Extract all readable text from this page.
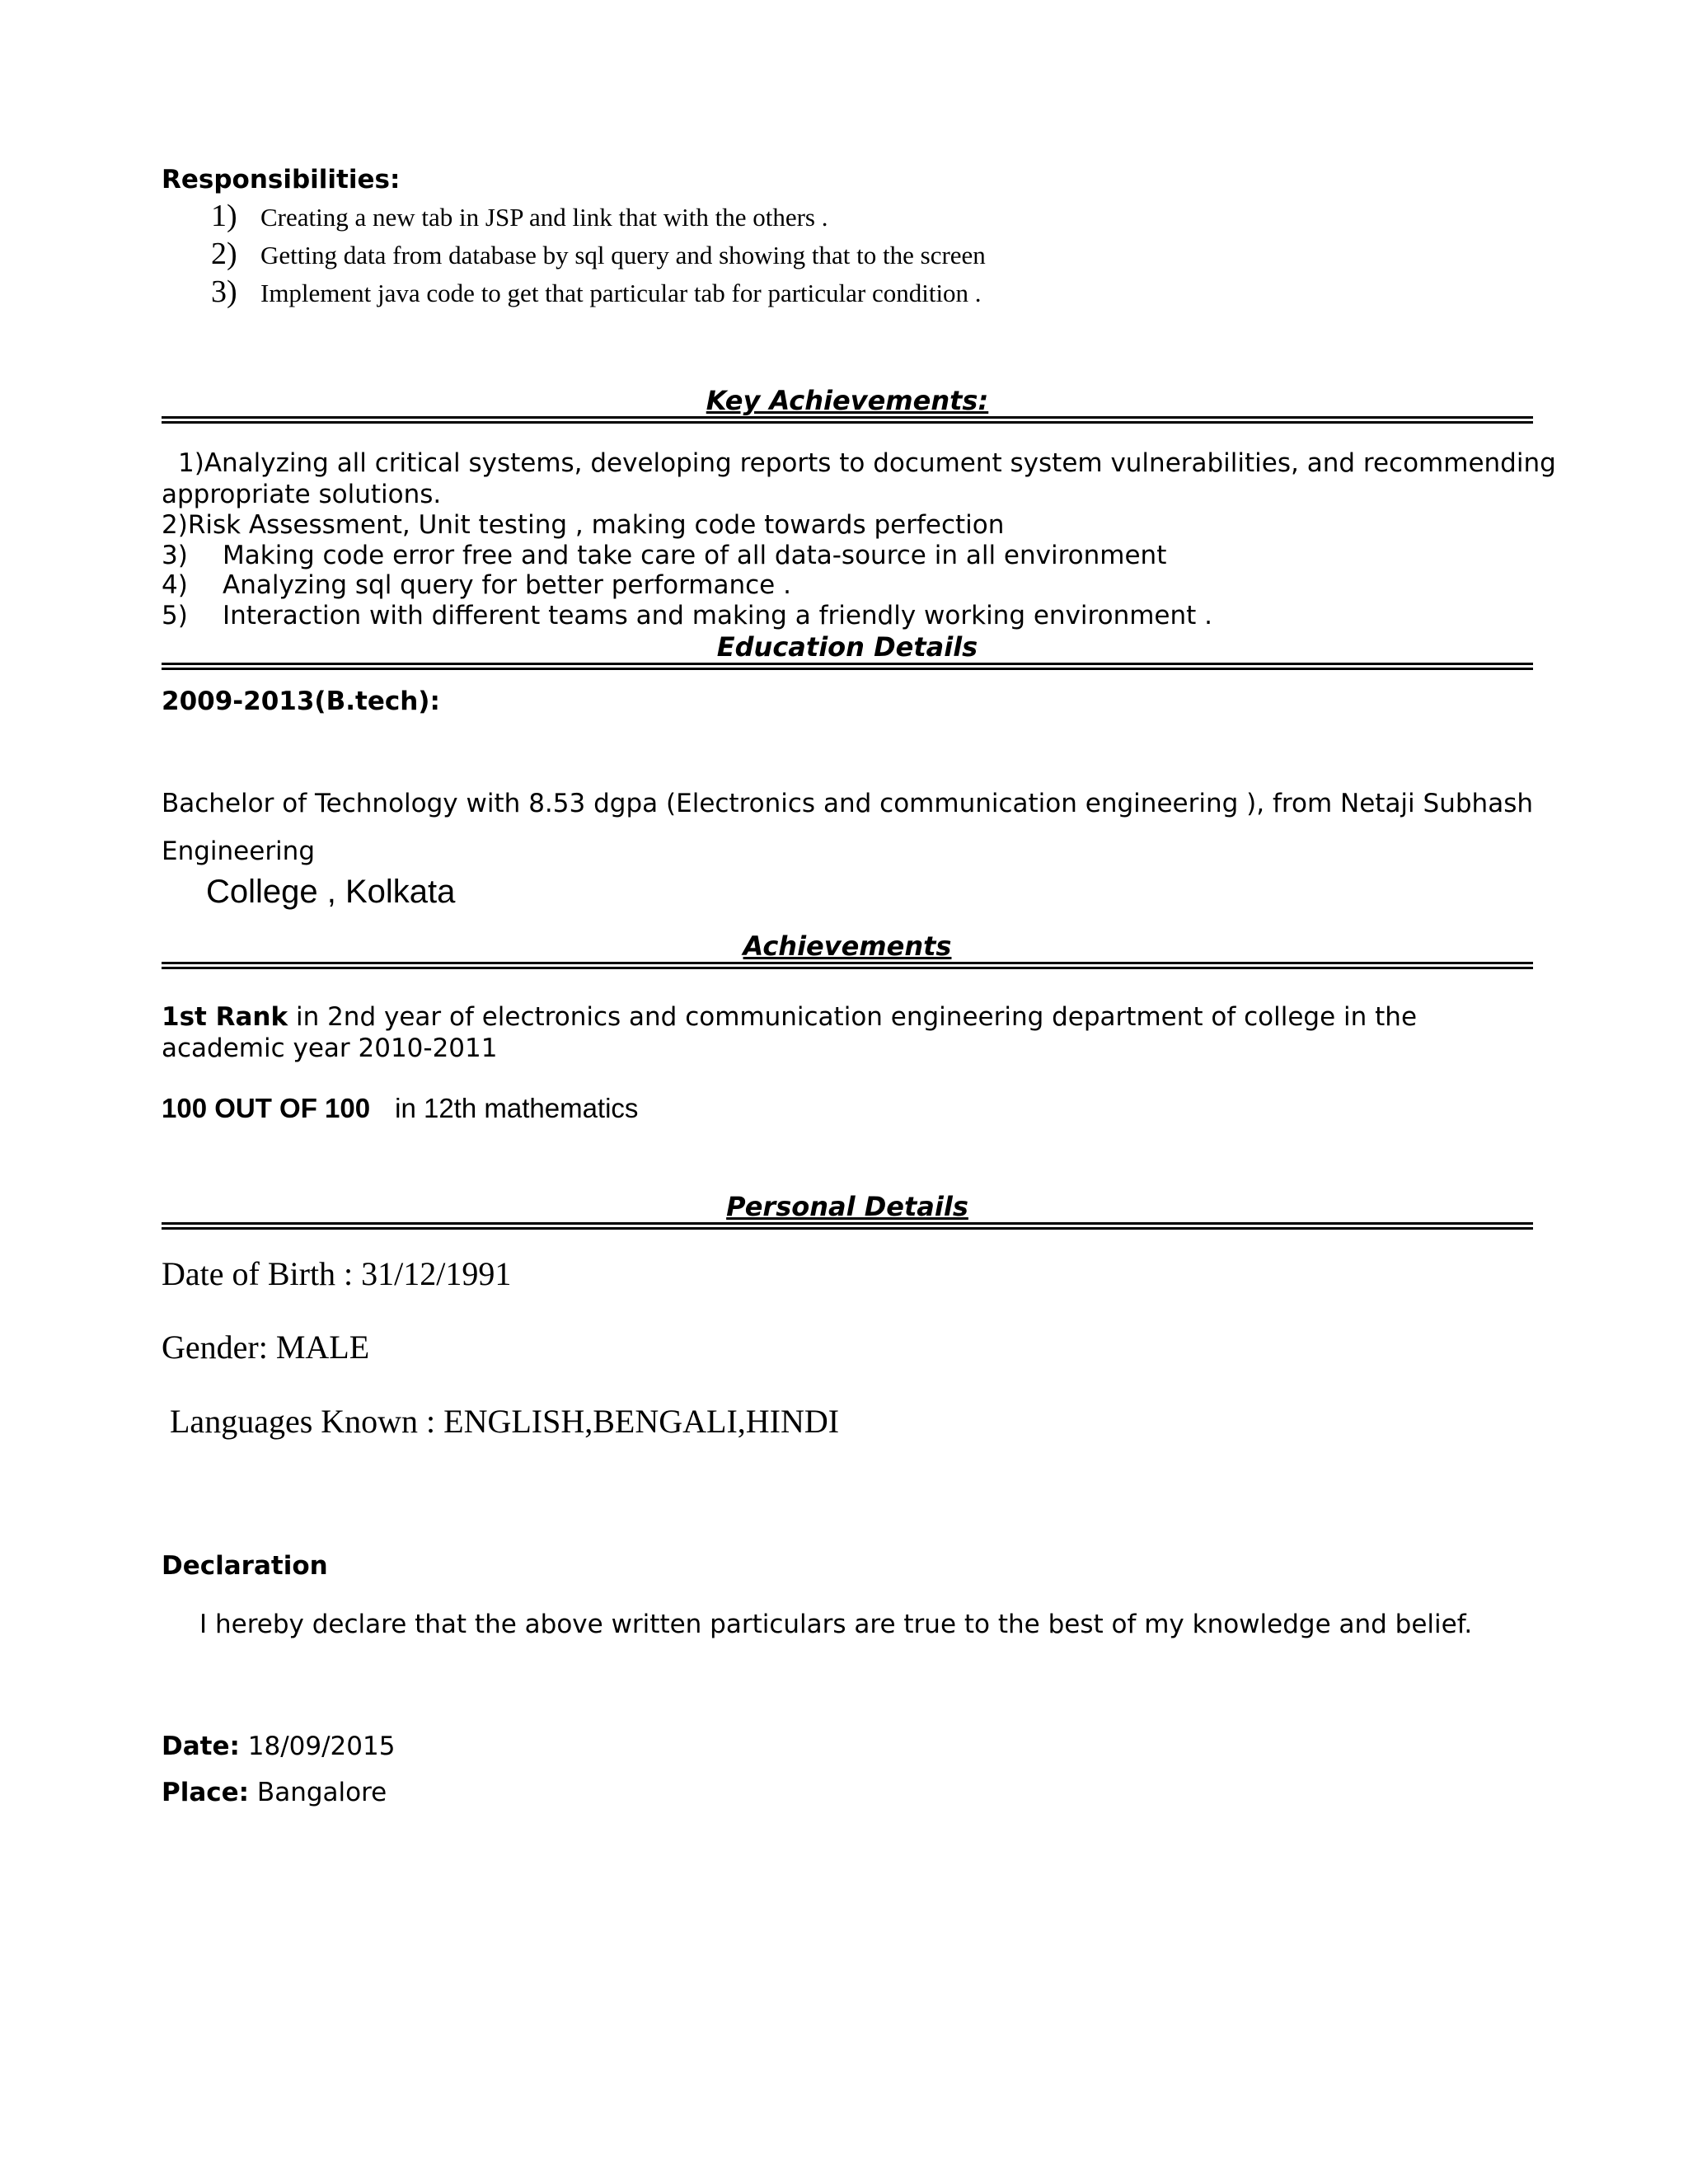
Responsibilities:
1) Creating a new tab in JSP and link that with the others .
2) Getting data from database by sql query and showing that to the screen
3) Implement java code to get that particular tab for particular condition .
Key Achievements:
1)Analyzing all critical systems, developing reports to document system vulnerabilities, and recommending
appropriate solutions.
2)Risk Assessment, Unit testing , making code towards perfection
3) Making code error free and take care of all data-source in all environment
4) Analyzing sql query for better performance .
5) Interaction with different teams and making a friendly working environment .
Education Details
2009-2013(B.tech):
Bachelor of Technology with 8.53 dgpa (Electronics and communication engineering ), from Netaji Subhash Engineering
College , Kolkata
Achievements
1st Rank in 2nd year of electronics and communication engineering department of college in the academic year 2010-2011
100 OUT OF 100 in 12th mathematics
Personal Details
Date of Birth : 31/12/1991
Gender: MALE
Languages Known : ENGLISH,BENGALI,HINDI
Declaration
I hereby declare that the above written particulars are true to the best of my knowledge and belief.
Date: 18/09/2015
Place: Bangalore
